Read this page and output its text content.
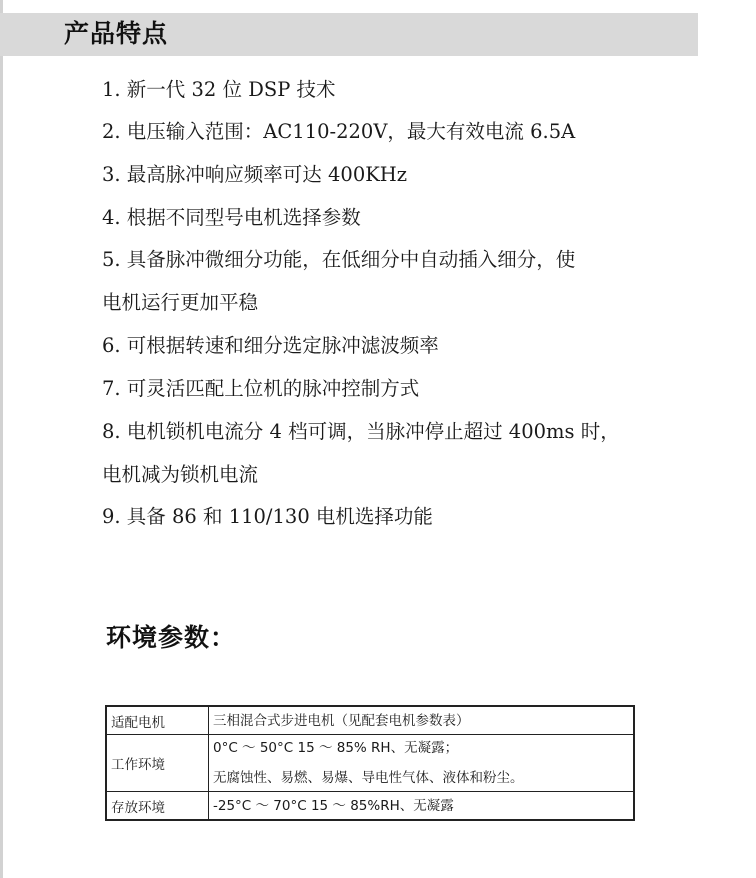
产品特点
1. 新一代 32 位 DSP 技术
2. 电压输入范围：AC110-220V，最大有效电流 6.5A
3. 最高脉冲响应频率可达 400KHz
4. 根据不同型号电机选择参数
5. 具备脉冲微细分功能，在低细分中自动插入细分，使
电机运行更加平稳
6. 可根据转速和细分选定脉冲滤波频率
7. 可灵活匹配上位机的脉冲控制方式
8. 电机锁机电流分 4 档可调，当脉冲停止超过 400ms 时，
电机减为锁机电流
9. 具备 86 和 110/130 电机选择功能
环境参数：
适配电机	三相混合式步进电机（见配套电机参数表）

工作环境	0°C ～ 50°C 15 ～ 85% RH、无凝露；
无腐蚀性、易燃、易爆、导电性气体、液体和粉尘。

存放环境	-25°C ～ 70°C 15 ～ 85%RH、无凝露
